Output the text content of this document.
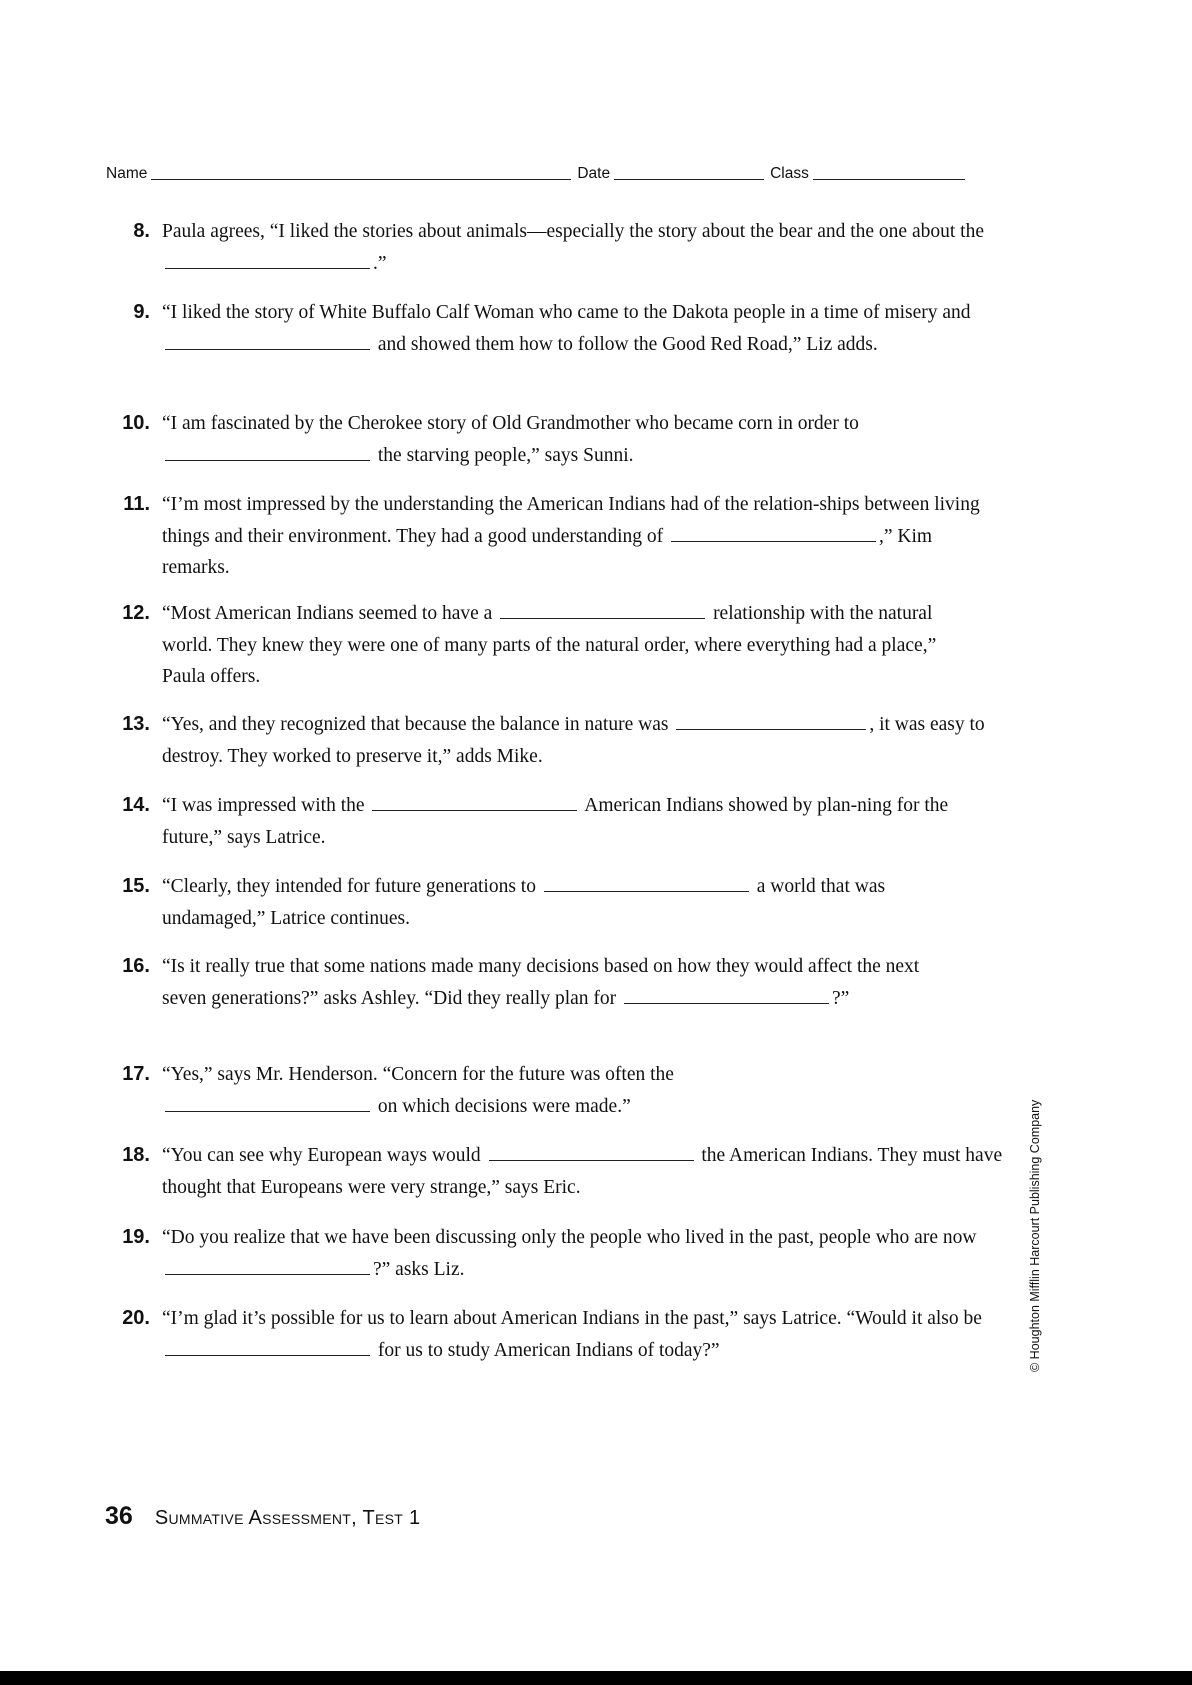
Name	Date	Class
8. Paula agrees, “I liked the stories about animals—especially the story about the bear and the one about the .”
9. “I liked the story of White Buffalo Calf Woman who came to the Dakota people in a time of misery and  and showed them how to follow the Good Red Road,” Liz adds.
10. “I am fascinated by the Cherokee story of Old Grandmother who became corn in order to  the starving people,” says Sunni.
11. “I’m most impressed by the understanding the American Indians had of the relation-ships between living things and their environment. They had a good understanding of	,” Kim remarks.
12. “Most American Indians seemed to have a	relationship with the natural world. They knew they were one of many parts of the natural order, where everything had a place,” Paula offers.
13. “Yes, and they recognized that because the balance in nature was	, it was easy to destroy. They worked to preserve it,” adds Mike.
14. “I was impressed with the	American Indians showed by plan-ning for the future,” says Latrice.
15. “Clearly, they intended for future generations to	a world that was undamaged,” Latrice continues.
16. “Is it really true that some nations made many decisions based on how they would affect the next seven generations?” asks Ashley. “Did they really plan for	?”
17. “Yes,” says Mr. Henderson. “Concern for the future was often the  on which decisions were made.”
18. “You can see why European ways would	the American Indians. They must have thought that Europeans were very strange,” says Eric.
19. “Do you realize that we have been discussing only the people who lived in the past, people who are now ?” asks Liz.
20. “I’m glad it’s possible for us to learn about American Indians in the past,” says Latrice. “Would it also be  for us to study American Indians of today?”	© Houghton Mifflin Harcourt Publishing Company
36 Summative Assessment, Test 1
